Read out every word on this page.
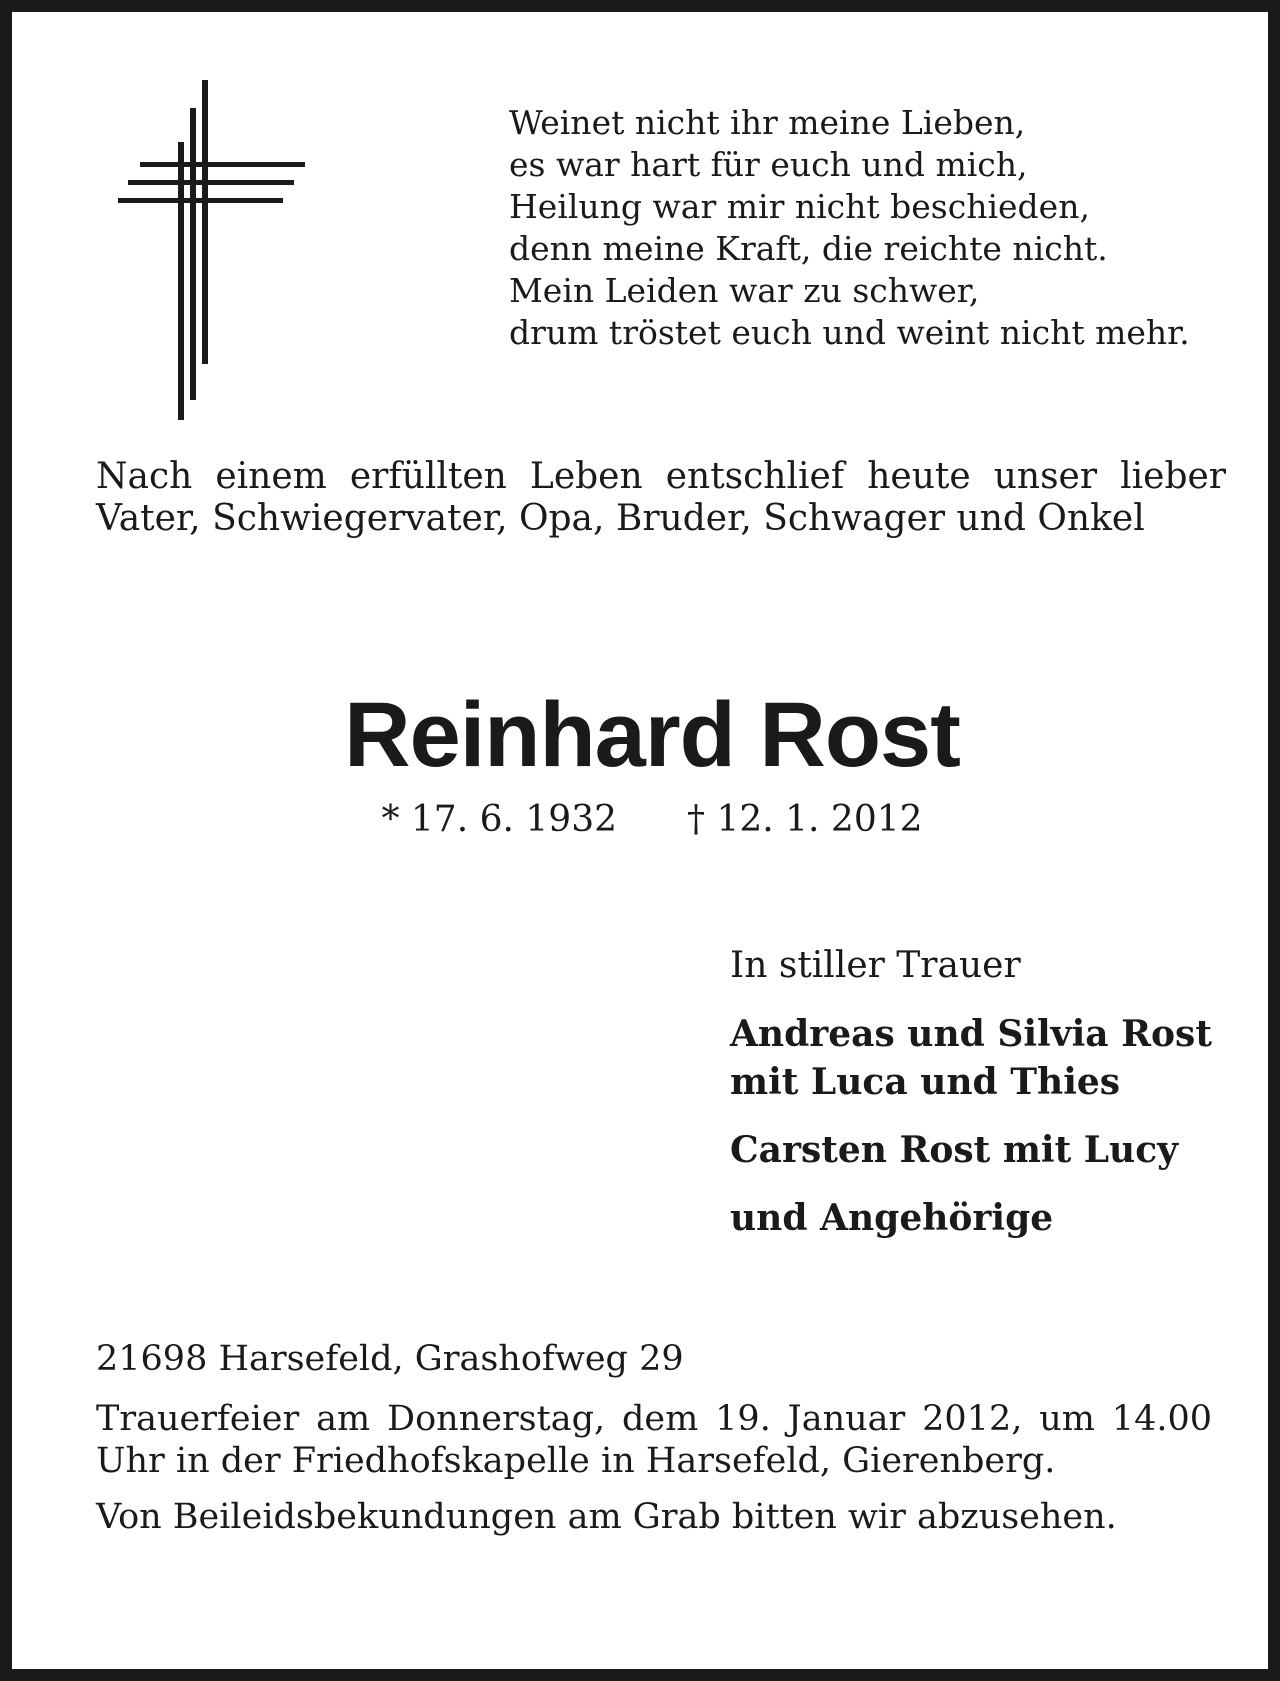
Weinet nicht ihr meine Lieben,
es war hart für euch und mich,
Heilung war mir nicht beschieden,
denn meine Kraft, die reichte nicht.
Mein Leiden war zu schwer,
drum tröstet euch und weint nicht mehr.
Nach einem erfüllten Leben entschlief heute unser lieber Vater, Schwiegervater, Opa, Bruder, Schwager und Onkel
Reinhard Rost
* 17. 6. 1932 † 12. 1. 2012
In stiller Trauer
Andreas und Silvia Rost
mit Luca und Thies
Carsten Rost mit Lucy
und Angehörige

21698 Harsefeld, Grashofweg 29

Trauerfeier am Donnerstag, dem 19. Januar 2012, um 14.00 Uhr in der Friedhofskapelle in Harsefeld, Gierenberg.

Von Beileidsbekundungen am Grab bitten wir abzusehen.
